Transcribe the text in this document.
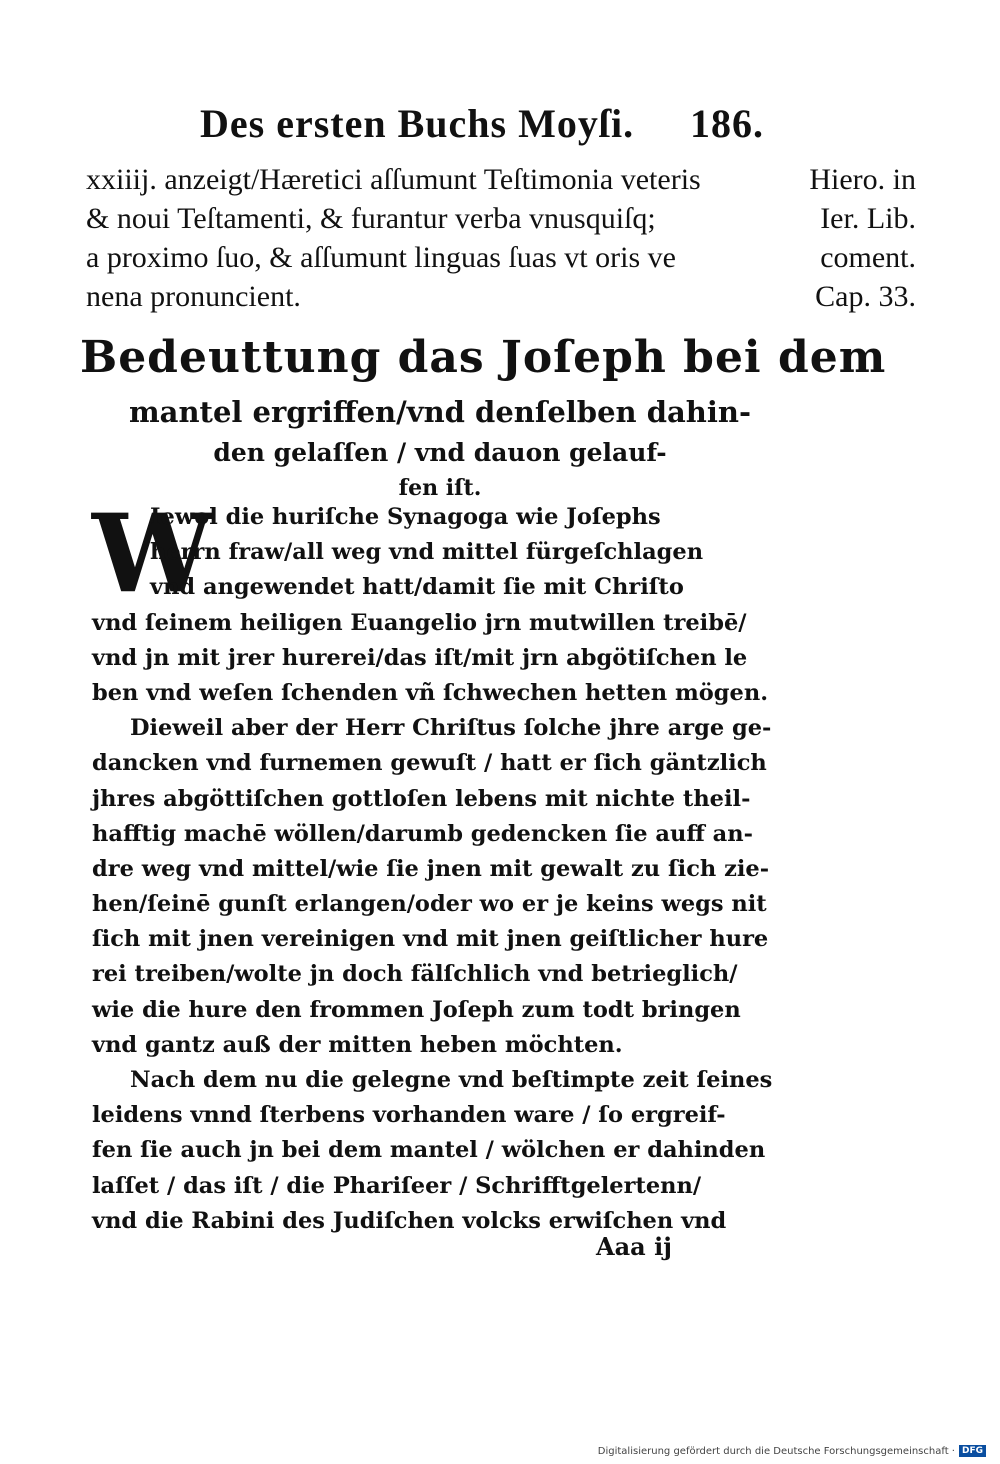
Des ersten Buchs Moyſi. 186.
xxiiij. anzeigt/Hæretici aſſumunt Teſtimonia veteris	Hiero. in
& noui Teſtamenti, & furantur verba vnusquiſq;	Ier. Lib.
a proximo ſuo, & aſſumunt linguas ſuas vt oris ve	coment.
nena pronuncient.	Cap. 33.
Bedeuttung das Joſeph bei dem
mantel ergriffen/vnd denſelben dahin-
den gelaſſen / vnd dauon gelauf-
fen iſt.
W
Iewol die huriſche Synagoga wie Joſephs
herrn fraw/all weg vnd mittel fürgeſchlagen
vnd angewendet hatt/damit ſie mit Chriſto
vnd ſeinem heiligen Euangelio jrn mutwillen treibē/
vnd jn mit jrer hurerei/das iſt/mit jrn abgötiſchen le
ben vnd weſen ſchenden vñ ſchwechen hetten mögen.
Dieweil aber der Herr Chriſtus ſolche jhre arge ge-
dancken vnd furnemen gewuſt / hatt er ſich gäntzlich
jhres abgöttiſchen gottloſen lebens mit nichte theil-
hafftig machē wöllen/darumb gedencken ſie auff an-
dre weg vnd mittel/wie ſie jnen mit gewalt zu ſich zie-
hen/ſeinē gunſt erlangen/oder wo er je keins wegs nit
ſich mit jnen vereinigen vnd mit jnen geiſtlicher hure
rei treiben/wolte jn doch fälſchlich vnd betrieglich/
wie die hure den frommen Joſeph zum todt bringen
vnd gantz auß der mitten heben möchten.
Nach dem nu die gelegne vnd beſtimpte zeit ſeines
leidens vnnd ſterbens vorhanden ware / ſo ergreif-
fen ſie auch jn bei dem mantel / wölchen er dahinden
laſſet / das iſt / die Phariſeer / Schrifftgelertenn/
vnd die Rabini des Judiſchen volcks erwiſchen vnd
Aaa ij
Digitalisierung gefördert durch die Deutsche Forschungsgemeinschaft · DFG
